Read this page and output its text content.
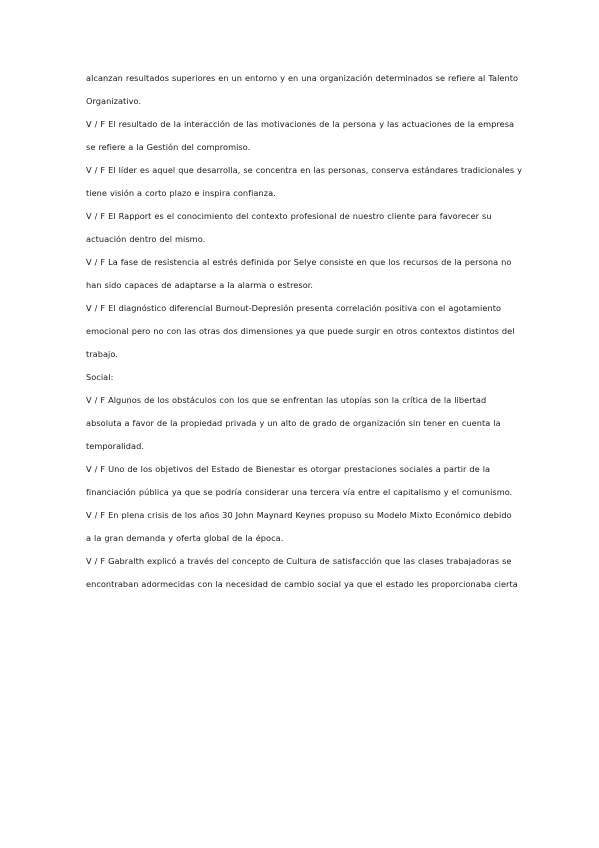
alcanzan resultados superiores en un entorno y en una organización determinados se refiere al Talento

Organizativo.

V / F El resultado de la interacción de las motivaciones de la persona y las actuaciones de la empresa

se refiere a la Gestión del compromiso.

V / F El líder es aquel que desarrolla, se concentra en las personas, conserva estándares tradicionales y

tiene visión a corto plazo e inspira confianza.

V / F El Rapport es el conocimiento del contexto profesional de nuestro cliente para favorecer su

actuación dentro del mismo.

V / F La fase de resistencia al estrés definida por Selye consiste en que los recursos de la persona no

han sido capaces de adaptarse a la alarma o estresor.

V / F El diagnóstico diferencial Burnout-Depresión presenta correlación positiva con el agotamiento

emocional pero no con las otras dos dimensiones ya que puede surgir en otros contextos distintos del

trabajo.

Social:

V / F Algunos de los obstáculos con los que se enfrentan las utopías son la crítica de la libertad

absoluta a favor de la propiedad privada y un alto de grado de organización sin tener en cuenta la

temporalidad.

V / F Uno de los objetivos del Estado de Bienestar es otorgar prestaciones sociales a partir de la

financiación pública ya que se podría considerar una tercera vía entre el capitalismo y el comunismo.

V / F En plena crisis de los años 30 John Maynard Keynes propuso su Modelo Mixto Económico debido

a la gran demanda y oferta global de la época.

V / F Gabralth explicó a través del concepto de Cultura de satisfacción que las clases trabajadoras se

encontraban adormecidas con la necesidad de cambio social ya que el estado les proporcionaba cierta
